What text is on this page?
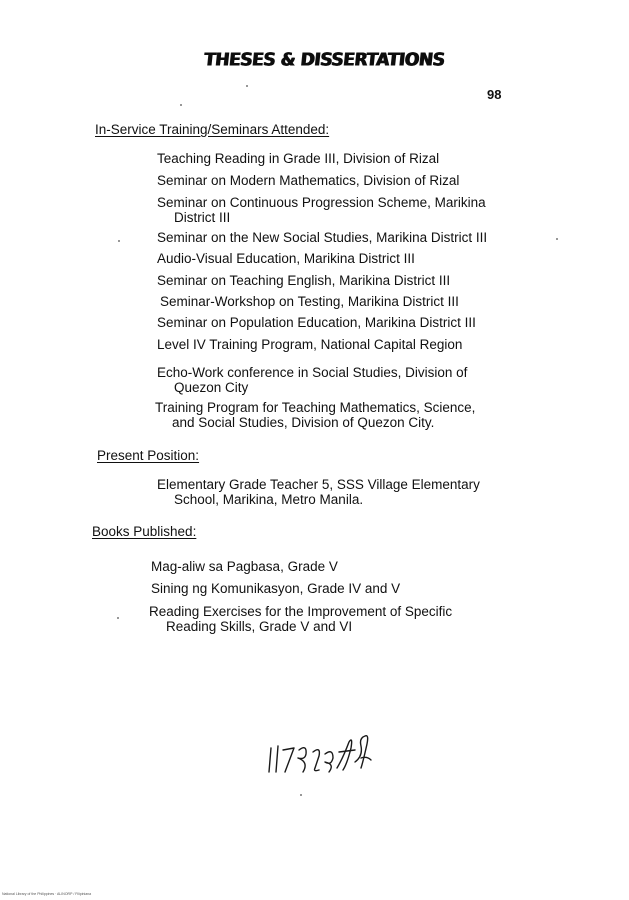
THESES & DISSERTATIONS
98
In-Service Training/Seminars Attended:
Teaching Reading in Grade III, Division of Rizal
Seminar on Modern Mathematics, Division of Rizal
Seminar on Continuous Progression Scheme, Marikina
District III
Seminar on the New Social Studies, Marikina District III
Audio-Visual Education, Marikina District III
Seminar on Teaching English, Marikina District III
Seminar-Workshop on Testing, Marikina District III
Seminar on Population Education, Marikina District III
Level IV Training Program, National Capital Region
Echo-Work conference in Social Studies, Division of
Quezon City
Training Program for Teaching Mathematics, Science,
and Social Studies, Division of Quezon City.
Present Position:
Elementary Grade Teacher 5, SSS Village Elementary
School, Marikina, Metro Manila.
Books Published:
Mag-aliw sa Pagbasa, Grade V
Sining ng Komunikasyon, Grade IV and V
Reading Exercises for the Improvement of Specific
Reading Skills, Grade V and VI
National Library of the Philippines · ALINORP / Filipiniana
